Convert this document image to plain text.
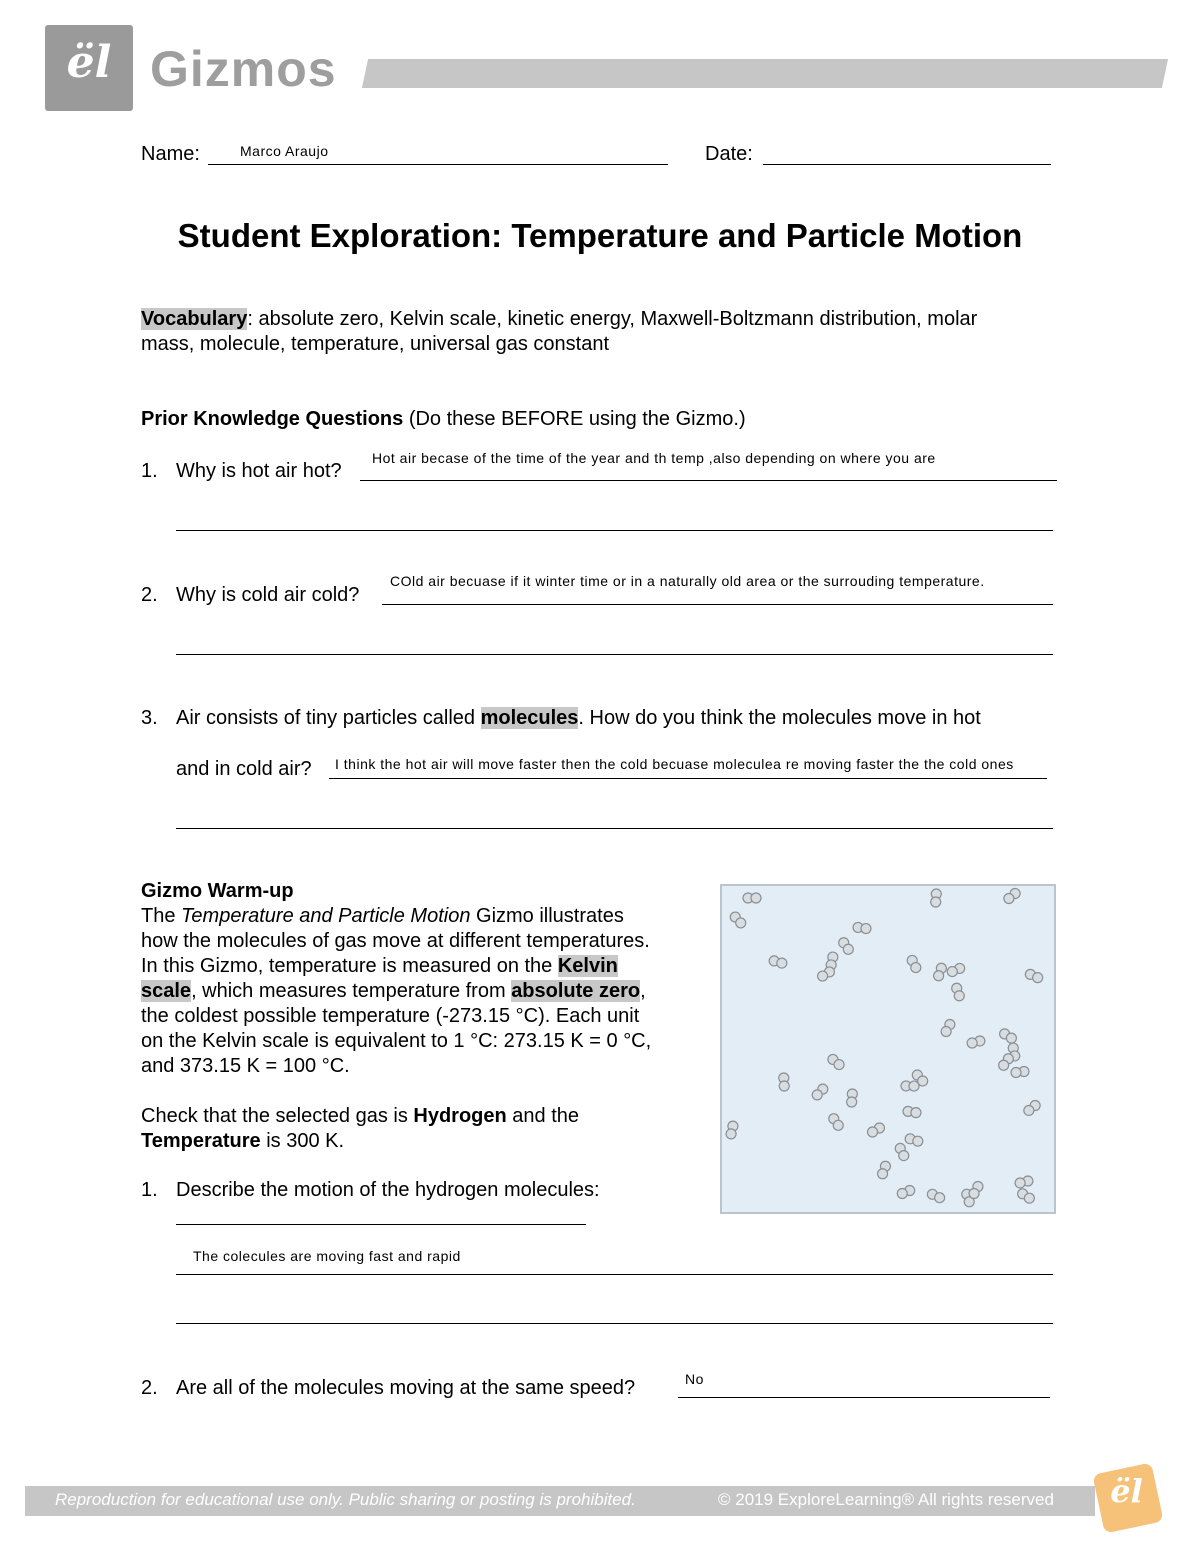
ël Gizmos
Name:	Marco Araujo	Date:
Student Exploration: Temperature and Particle Motion
Vocabulary: absolute zero, Kelvin scale, kinetic energy, Maxwell-Boltzmann distribution, molar
mass, molecule, temperature, universal gas constant
Prior Knowledge Questions (Do these BEFORE using the Gizmo.)
1. Why is hot air hot?
Hot air becase of the time of the year and th temp ,also depending on where you are
2. Why is cold air cold?
COld air becuase if it winter time or in a naturally old area or the surrouding temperature.
3. Air consists of tiny particles called molecules. How do you think the molecules move in hot
and in cold air? I think the hot air will move faster then the cold becuase moleculea re moving faster the the cold ones
Gizmo Warm-up
The Temperature and Particle Motion Gizmo illustrates
how the molecules of gas move at different temperatures.
In this Gizmo, temperature is measured on the Kelvin
scale, which measures temperature from absolute zero,
the coldest possible temperature (-273.15 °C). Each unit
on the Kelvin scale is equivalent to 1 °C: 273.15 K = 0 °C,
and 373.15 K = 100 °C.
Check that the selected gas is Hydrogen and the
Temperature is 300 K.
1. Describe the motion of the hydrogen molecules:
The colecules are moving fast and rapid
2. Are all of the molecules moving at the same speed?	No
Reproduction for educational use only. Public sharing or posting is prohibited.	© 2019 ExploreLearning® All rights reserved	ël
